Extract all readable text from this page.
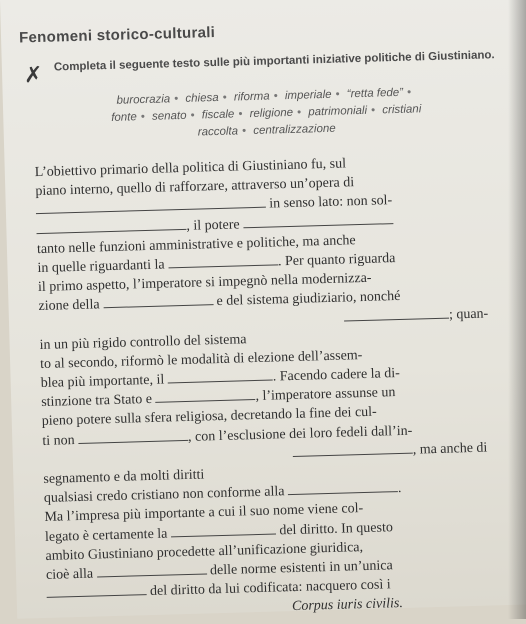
Fenomeni storico-culturali
✗
Completa il seguente testo sulle più importanti iniziative politiche di Giustiniano.
burocrazia • chiesa • riforma • imperiale • “retta fede” •
fonte • senato • fiscale • religione • patrimoniali • cristiani
raccolta • centralizzazione
L’obiettivo primario della politica di Giustiniano fu, sul
piano interno, quello di rafforzare, attraverso un’opera di
in senso lato: non sol-
, il potere
tanto nelle funzioni amministrative e politiche, ma anche
in quelle riguardanti la	. Per quanto riguarda
il primo aspetto, l’imperatore si impegnò nella modernizza-
zione della	e del sistema giudiziario, nonché
; quan-
in un più rigido controllo del sistema
to al secondo, riformò le modalità di elezione dell’assem-
blea più importante, il	. Facendo cadere la di-
stinzione tra Stato e	, l’imperatore assunse un
pieno potere sulla sfera religiosa, decretando la fine dei cul-
ti non	, con l’esclusione dei loro fedeli dall’in-
, ma anche di
segnamento e da molti diritti
qualsiasi credo cristiano non conforme alla	.
Ma l’impresa più importante a cui il suo nome viene col-
legato è certamente la	del diritto. In questo
ambito Giustiniano procedette all’unificazione giuridica,
cioè alla	delle norme esistenti in un’unica
del diritto da lui codificata: nacquero così i
Corpus iuris civilis.
